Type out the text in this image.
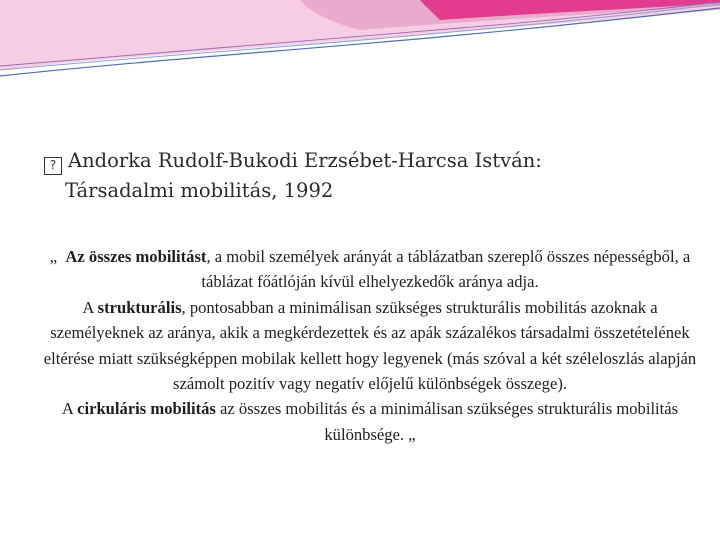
? Andorka Rudolf-Bukodi Erzsébet-Harcsa István:
Társadalmi mobilitás, 1992

„ Az összes mobilitást, a mobil személyek arányát a táblázatban szereplő összes népességből, a táblázat főátlóján kívül elhelyezkedők aránya adja.

A strukturális, pontosabban a minimálisan szükséges strukturális mobilitás azoknak a személyeknek az aránya, akik a megkérdezettek és az apák százalékos társadalmi összetételének eltérése miatt szükségképpen mobilak kellett hogy legyenek (más szóval a két széleloszlás alapján számolt pozitív vagy negatív előjelű különbségek összege).

A cirkuláris mobilitás az összes mobilitás és a minimálisan szükséges strukturális mobilitás különbsége. „
